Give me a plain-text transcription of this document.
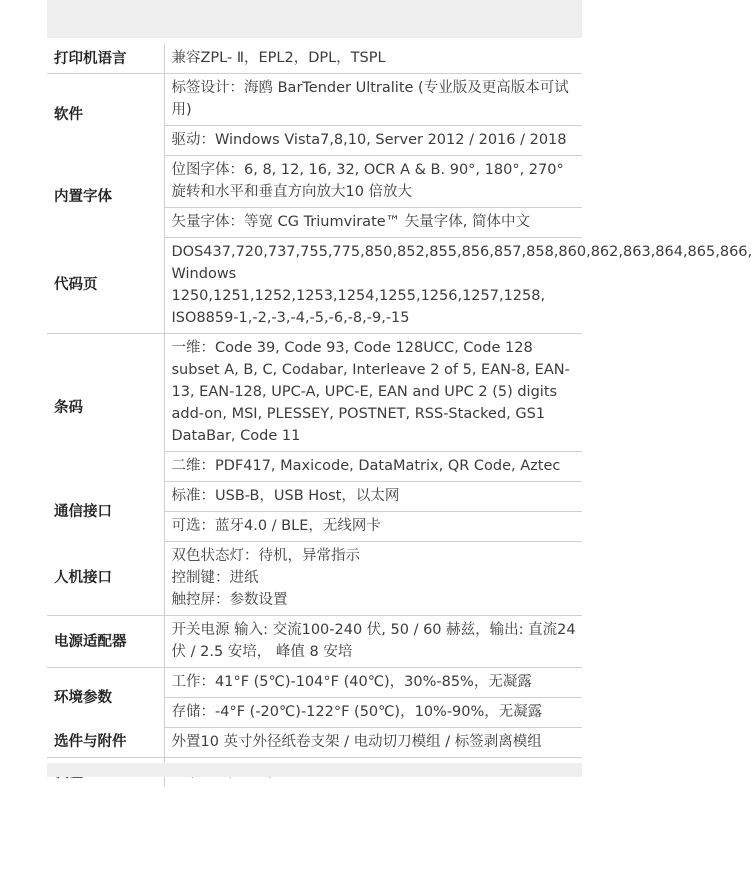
打印机语言	兼容ZPL- Ⅱ，EPL2，DPL，TSPL

软件	标签设计：海鸥 BarTender Ultralite (专业版及更高版本可试用)

	驱动：Windows Vista7,8,10, Server 2012 / 2016 / 2018

内置字体	位图字体：6, 8, 12, 16, 32, OCR A & B. 90°, 180°, 270° 旋转和水平和垂直方向放大10 倍放大

	矢量字体：等宽 CG Triumvirate™ 矢量字体, 简体中文

代码页	DOS437,720,737,755,775,850,852,855,856,857,858,860,862,863,864,865,866, Windows 1250,1251,1252,1253,1254,1255,1256,1257,1258, ISO8859-1,-2,-3,-4,-5,-6,-8,-9,-15

条码	一维：Code 39, Code 93, Code 128UCC, Code 128 subset A, B, C, Codabar, Interleave 2 of 5, EAN-8, EAN-13, EAN-128, UPC-A, UPC-E, EAN and UPC 2 (5) digits add-on, MSI, PLESSEY, POSTNET, RSS-Stacked, GS1 DataBar, Code 11

	二维：PDF417, Maxicode, DataMatrix, QR Code, Aztec

通信接口	标准：USB-B，USB Host，以太网

	可选：蓝牙4.0 / BLE，无线网卡

人机接口	双色状态灯：待机，异常指示
控制键：进纸
触控屏：参数设置

电源适配器	开关电源 输入: 交流100-240 伏, 50 / 60 赫兹，输出: 直流24 伏 / 2.5 安培， 峰值 8 安培

环境参数	工作：41°F (5℃)-104°F (40℃)，30%-85%，无凝露

	存储：-4°F (-20℃)-122°F (50℃)，10%-90%，无凝露

选件与附件	外置10 英寸外径纸卷支架 / 电动切刀模组 / 标签剥离模组
